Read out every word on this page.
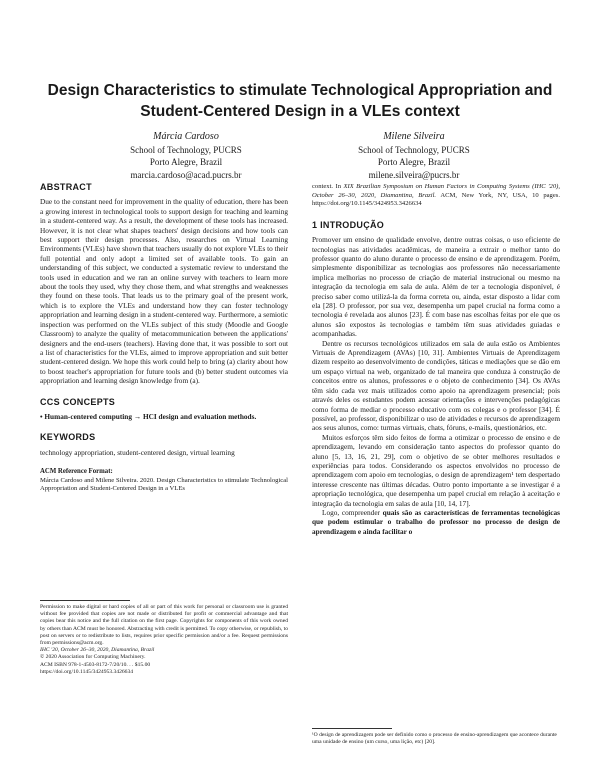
Design Characteristics to stimulate Technological Appropriation and Student-Centered Design in a VLEs context
Márcia Cardoso
School of Technology, PUCRS
Porto Alegre, Brazil
marcia.cardoso@acad.pucrs.br
Milene Silveira
School of Technology, PUCRS
Porto Alegre, Brazil
milene.silveira@pucrs.br
ABSTRACT

Due to the constant need for improvement in the quality of education, there has been a growing interest in technological tools to support design for teaching and learning in a student-centered way. As a result, the development of these tools has increased. However, it is not clear what shapes teachers' design decisions and how tools can best support their design processes. Also, researches on Virtual Learning Environments (VLEs) have shown that teachers usually do not explore VLEs to their full potential and only adopt a limited set of available tools. To gain an understanding of this subject, we conducted a systematic review to understand the tools used in education and we ran an online survey with teachers to learn more about the tools they used, why they chose them, and what strengths and weaknesses they found on these tools. That leads us to the primary goal of the present work, which is to explore the VLEs and understand how they can foster technology appropriation and learning design in a student-centered way. Furthermore, a semiotic inspection was performed on the VLEs subject of this study (Moodle and Google Classroom) to analyze the quality of metacommunication between the applications' designers and the end-users (teachers). Having done that, it was possible to sort out a list of characteristics for the VLEs, aimed to improve appropriation and suit better student-centered design. We hope this work could help to bring (a) clarity about how to boost teacher's appropriation for future tools and (b) better student outcomes via appropriation and learning design knowledge from (a).

CCS CONCEPTS

• Human-centered computing → HCI design and evaluation methods.

KEYWORDS

technology appropriation, student-centered design, virtual learning

ACM Reference Format:

Márcia Cardoso and Milene Silveira. 2020. Design Characteristics to stimulate Technological Appropriation and Student-Centered Design in a VLEs

Permission to make digital or hard copies of all or part of this work for personal or classroom use is granted without fee provided that copies are not made or distributed for profit or commercial advantage and that copies bear this notice and the full citation on the first page. Copyrights for components of this work owned by others than ACM must be honored. Abstracting with credit is permitted. To copy otherwise, or republish, to post on servers or to redistribute to lists, requires prior specific permission and/or a fee. Request permissions from permissions@acm.org.

IHC '20, October 26–30, 2020, Diamantina, Brazil

© 2020 Association for Computing Machinery.

ACM ISBN 978-1-4503-8172-7/20/10. . . $15.00

https://doi.org/10.1145/3424953.3426634

context. In XIX Brazilian Symposium on Human Factors in Computing Systems (IHC '20), October 26–30, 2020, Diamantina, Brazil. ACM, New York, NY, USA, 10 pages. https://doi.org/10.1145/3424953.3426634

1 INTRODUÇÃO

Promover um ensino de qualidade envolve, dentre outras coisas, o uso eficiente de tecnologias nas atividades acadêmicas, de maneira a extrair o melhor tanto do professor quanto do aluno durante o processo de ensino e de aprendizagem. Porém, simplesmente disponibilizar as tecnologias aos professores não necessariamente implica melhorias no processo de criação de material instrucional ou mesmo na integração da tecnologia em sala de aula. Além de ter a tecnologia disponível, é preciso saber como utilizá-la da forma correta ou, ainda, estar disposto a lidar com ela [28]. O professor, por sua vez, desempenha um papel crucial na forma como a tecnologia é revelada aos alunos [23]. É com base nas escolhas feitas por ele que os alunos são expostos às tecnologias e também têm suas atividades guiadas e acompanhadas.

Dentre os recursos tecnológicos utilizados em sala de aula estão os Ambientes Virtuais de Aprendizagem (AVAs) [10, 31]. Ambientes Virtuais de Aprendizagem dizem respeito ao desenvolvimento de condições, táticas e mediações que se dão em um espaço virtual na web, organizado de tal maneira que conduza à construção de conceitos entre os alunos, professores e o objeto de conhecimento [34]. Os AVAs têm sido cada vez mais utilizados como apoio na aprendizagem presencial; pois através deles os estudantes podem acessar orientações e intervenções pedagógicas como forma de mediar o processo educativo com os colegas e o professor [34]. É possível, ao professor, disponibilizar o uso de atividades e recursos de aprendizagem aos seus alunos, como: turmas virtuais, chats, fóruns, e-mails, questionários, etc.

Muitos esforços têm sido feitos de forma a otimizar o processo de ensino e de aprendizagem, levando em consideração tanto aspectos do professor quanto do aluno [5, 13, 16, 21, 29], com o objetivo de se obter melhores resultados e experiências para todos. Considerando os aspectos envolvidos no processo de aprendizagem com apoio em tecnologias, o design de aprendizagem¹ tem despertado interesse crescente nas últimas décadas. Outro ponto importante a se investigar é a apropriação tecnológica, que desempenha um papel crucial em relação à aceitação e integração da tecnologia em salas de aula [10, 14, 17].

Logo, compreender quais são as características de ferramentas tecnológicas que podem estimular o trabalho do professor no processo de design de aprendizagem e ainda facilitar o

¹O design de aprendizagem pode ser definido como o processo de ensino-aprendizagem que acontece durante uma unidade de ensino (um curso, uma lição, etc) [20].
